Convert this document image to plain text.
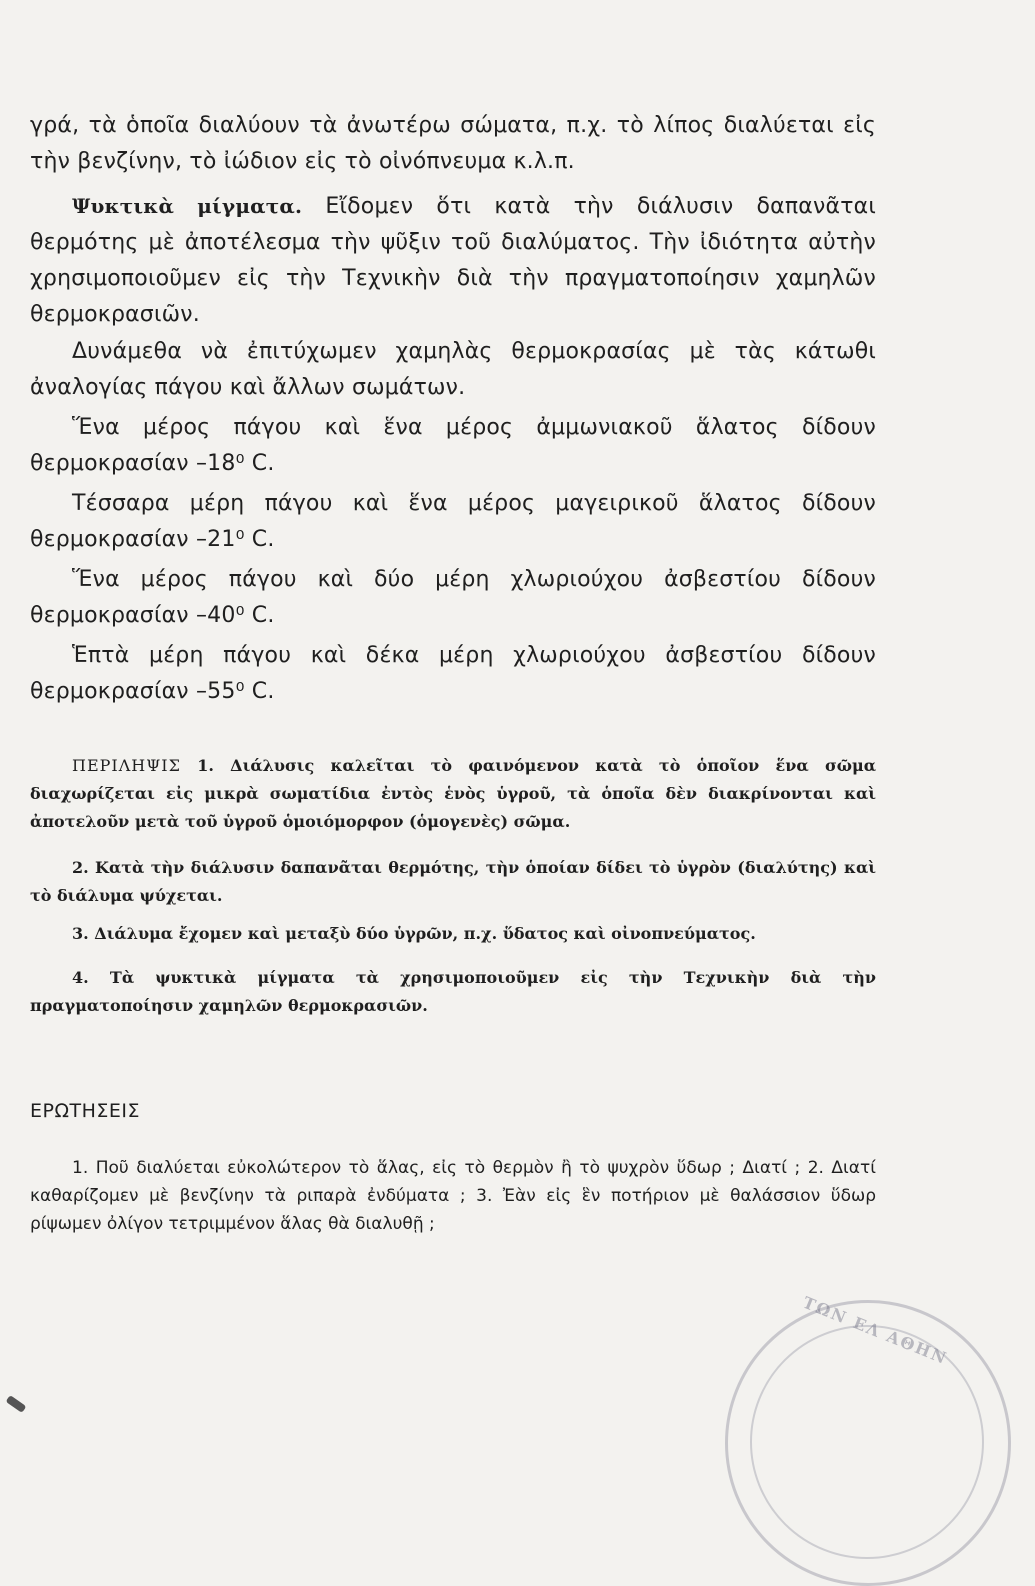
γρά, τὰ ὁποῖα διαλύουν τὰ ἀνωτέρω σώματα, π.χ. τὸ λίπος διαλύεται εἰς τὴν βενζίνην, τὸ ἰώδιον εἰς τὸ οἰνόπνευμα κ.λ.π.

Ψυκτικὰ μίγματα. Εἴδομεν ὅτι κατὰ τὴν διάλυσιν δαπανᾶται θερμότης μὲ ἀποτέλεσμα τὴν ψῦξιν τοῦ διαλύματος. Τὴν ἰδιότητα αὐτὴν χρησιμοποιοῦμεν εἰς τὴν Τεχνικὴν διὰ τὴν πραγματοποίησιν χαμηλῶν θερμοκρασιῶν.

Δυνάμεθα νὰ ἐπιτύχωμεν χαμηλὰς θερμοκρασίας μὲ τὰς κάτωθι ἀναλογίας πάγου καὶ ἄλλων σωμάτων.

Ἕνα μέρος πάγου καὶ ἕνα μέρος ἀμμωνιακοῦ ἅλατος δίδουν θερμοκρασίαν –18⁰ C.

Τέσσαρα μέρη πάγου καὶ ἕνα μέρος μαγειρικοῦ ἅλατος δίδουν θερμοκρασίαν –21⁰ C.

Ἕνα μέρος πάγου καὶ δύο μέρη χλωριούχου ἀσβεστίου δίδουν θερμοκρασίαν –40⁰ C.

Ἑπτὰ μέρη πάγου καὶ δέκα μέρη χλωριούχου ἀσβεστίου δίδουν θερμοκρασίαν –55⁰ C.

ΠΕΡΙΛΗΨΙΣ 1. Διάλυσις καλεῖται τὸ φαινόμενον κατὰ τὸ ὁποῖον ἕνα σῶμα διαχωρίζεται εἰς μικρὰ σωματίδια ἐντὸς ἑνὸς ὑγροῦ, τὰ ὁποῖα δὲν διακρίνονται καὶ ἀποτελοῦν μετὰ τοῦ ὑγροῦ ὁμοιόμορφον (ὁμογενὲς) σῶμα.

2. Κατὰ τὴν διάλυσιν δαπανᾶται θερμότης, τὴν ὁποίαν δίδει τὸ ὑγρὸν (διαλύτης) καὶ τὸ διάλυμα ψύχεται.

3. Διάλυμα ἔχομεν καὶ μεταξὺ δύο ὑγρῶν, π.χ. ὕδατος καὶ οἰνοπνεύματος.

4. Τὰ ψυκτικὰ μίγματα τὰ χρησιμοποιοῦμεν εἰς τὴν Τεχνικὴν διὰ τὴν πραγματοποίησιν χαμηλῶν θερμοκρασιῶν.

ΕΡΩΤΗΣΕΙΣ

1. Ποῦ διαλύεται εὐκολώτερον τὸ ἅλας, εἰς τὸ θερμὸν ἢ τὸ ψυχρὸν ὕδωρ ; Διατί ; 2. Διατί καθαρίζομεν μὲ βενζίνην τὰ ριπαρὰ ἐνδύματα ; 3. Ἐὰν εἰς ἓν ποτήριον μὲ θαλάσσιον ὕδωρ ρίψωμεν ὀλίγον τετριμμένον ἅλας θὰ διαλυθῇ ;

ΤΩΝ ΕΛ ΑΘΗΝ
